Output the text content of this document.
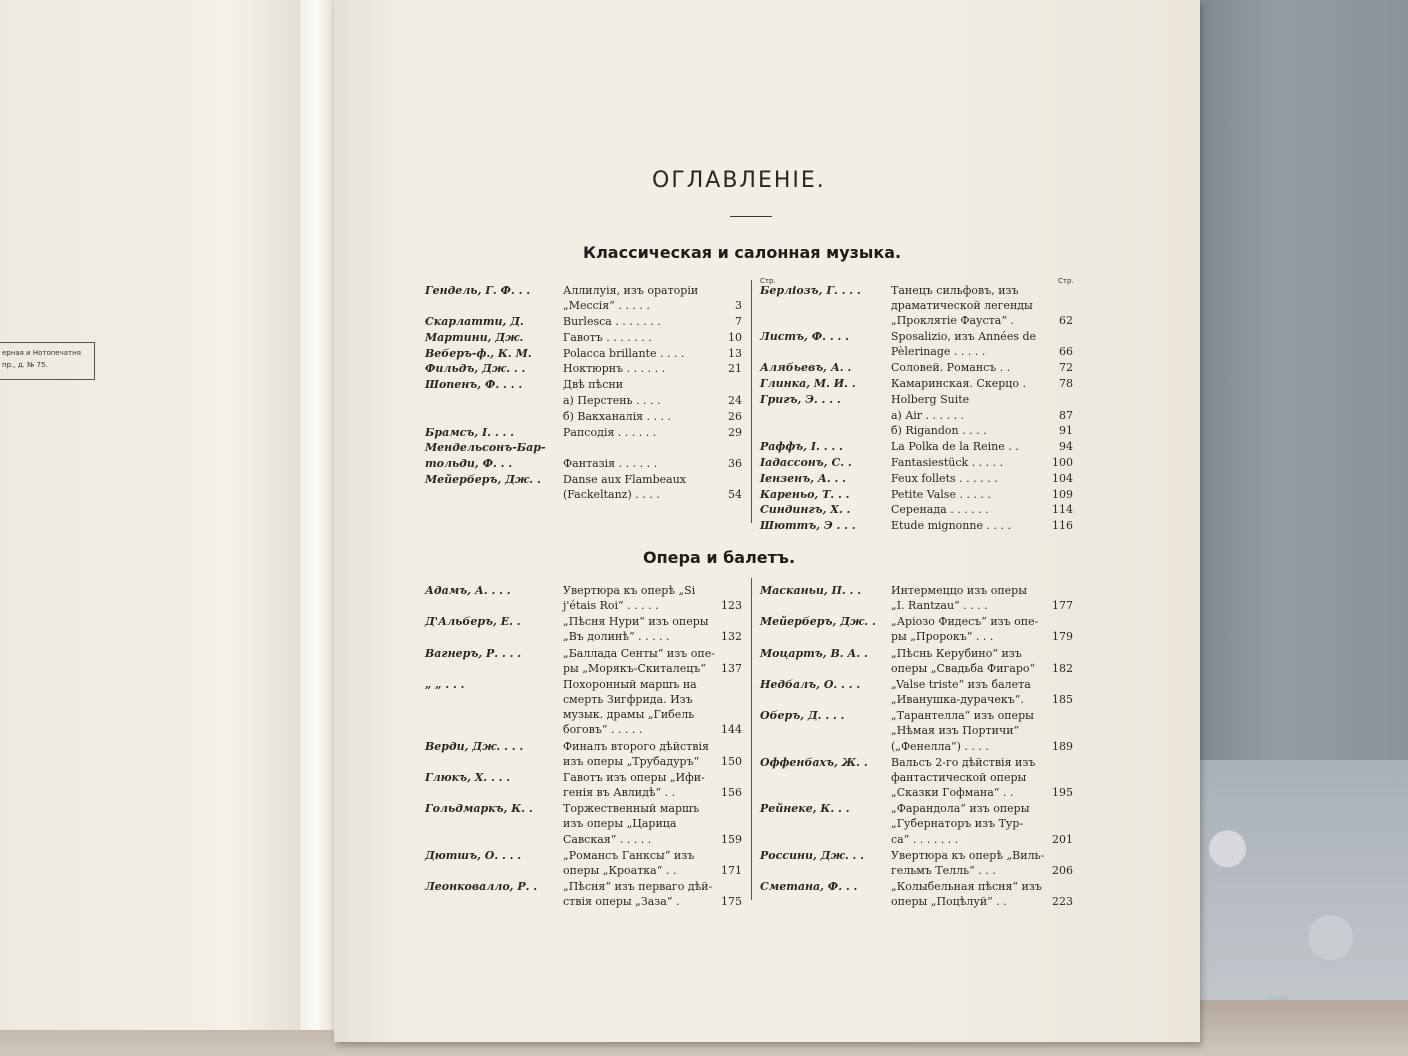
ерная и Нотопечатня
пр., д. № 75.
ОГЛАВЛЕНIЕ.
Классическая и салонная музыка.
Стр.	Стр.
Опера и балетъ.
Гендель, Г. Ф. . .	Аллилуія, изъ ораторіи
„Мессія“ . . . . .	3
Скарлатти, Д.	Burlesca . . . . . . .	7
Мартини, Дж.	Гавотъ . . . . . . .	10
Веберъ-ф., К. М.	Polacca brillante . . . .	13
Фильдъ, Дж. . .	Ноктюрнъ . . . . . .	21
Шопенъ, Ф. . . .	Двѣ пѣсни
а) Перстень . . . .	24
б) Вакханалія . . . .	26
Брамсъ, І. . . .	Рапсодія . . . . . .	29
Мендельсонъ-Бар-
тольди, Ф. . .	Фантазія . . . . . .	36
Мейерберъ, Дж. . Danse aux Flambeaux
(Fackeltanz) . . . .	54
Берліозъ, Г. . . .	Танецъ сильфовъ, изъ
драматической легенды
„Проклятіе Фауста“ .	62
Листъ, Ф. . . .	Sposalizio, изъ Années de
Pèlerinage . . . . .	66
Алябьевъ, А. .	Соловей. Романсъ . .	72
Глинка, М. И. .	Камаринская. Скерцо .	78
Григъ, Э. . . .	Holberg Suite
а) Air . . . . . .	87
б) Rigandon . . . .	91
Раффъ, І. . . .	La Polka de la Reine . .	94
Іадассонъ, С. .	Fantasiestück . . . . .	100
Іензенъ, А. . .	Feux follets . . . . . .	104
Кареньо, Т. . .	Petite Valse . . . . .	109
Синдингъ, Х. .	Серенада . . . . . .	114
Шюттъ, Э . . .	Etude mignonne . . . .	116
Адамъ, А. . . .	Увертюра къ оперѣ „Si
j'étais Roi“ . . . . .	123
Д'Альберъ, Е. .	„Пѣсня Нури“ изъ оперы
„Въ долинѣ“ . . . . .	132
Вагнеръ, Р. . . .	„Баллада Сенты“ изъ опе-
ры „Морякъ-Скиталецъ“	137
„ „ . . .	Похоронный маршъ на
смерть Зигфрида. Изъ
музык. драмы „Гибель
боговъ“ . . . . .	144
Верди, Дж. . . .	Финалъ второго дѣйствія
изъ оперы „Трубадуръ“	150
Глюкъ, Х. . . .	Гавотъ изъ оперы „Ифи-
генія въ Авлидѣ“ . .	156
Гольдмаркъ, К. .	Торжественный маршъ
изъ оперы „Царица
Савская“ . . . . .	159
Дютшъ, О. . . .	„Романсъ Ганксы“ изъ
оперы „Кроатка“ . .	171
Леонковалло, Р. . „Пѣсня“ изъ перваго дѣй-
ствія оперы „Заза“ .	175
Масканьи, П. . .	Интермеццо изъ оперы
„I. Rantzau“ . . . .	177
Мейерберъ, Дж. . „Аріозо Фидесъ“ изъ опе-
ры „Пророкъ“ . . .	179
Моцартъ, В. А. . „Пѣснь Керубино“ изъ
оперы „Свадьба Фигаро“	182
Недбалъ, О. . . .	„Valse triste“ изъ балета
„Иванушка-дурачекъ“.	185
Оберъ, Д. . . .	„Тарантелла“ изъ оперы
„Нѣмая изъ Портичи“
(„Фенелла“) . . . .	189
Оффенбахъ, Ж. . Вальсъ 2-го дѣйствія изъ
фантастической оперы
„Сказки Гофмана“ . .	195
Рейнеке, К. . .	„Фарандола“ изъ оперы
„Губернаторъ изъ Тур-
са“ . . . . . . .	201
Россини, Дж. . . Увертюра къ оперѣ „Виль-
гельмъ Телль“ . . .	206
Сметана, Ф. . .	„Колыбельная пѣсня“ изъ
оперы „Поцѣлуй“ . .	223
